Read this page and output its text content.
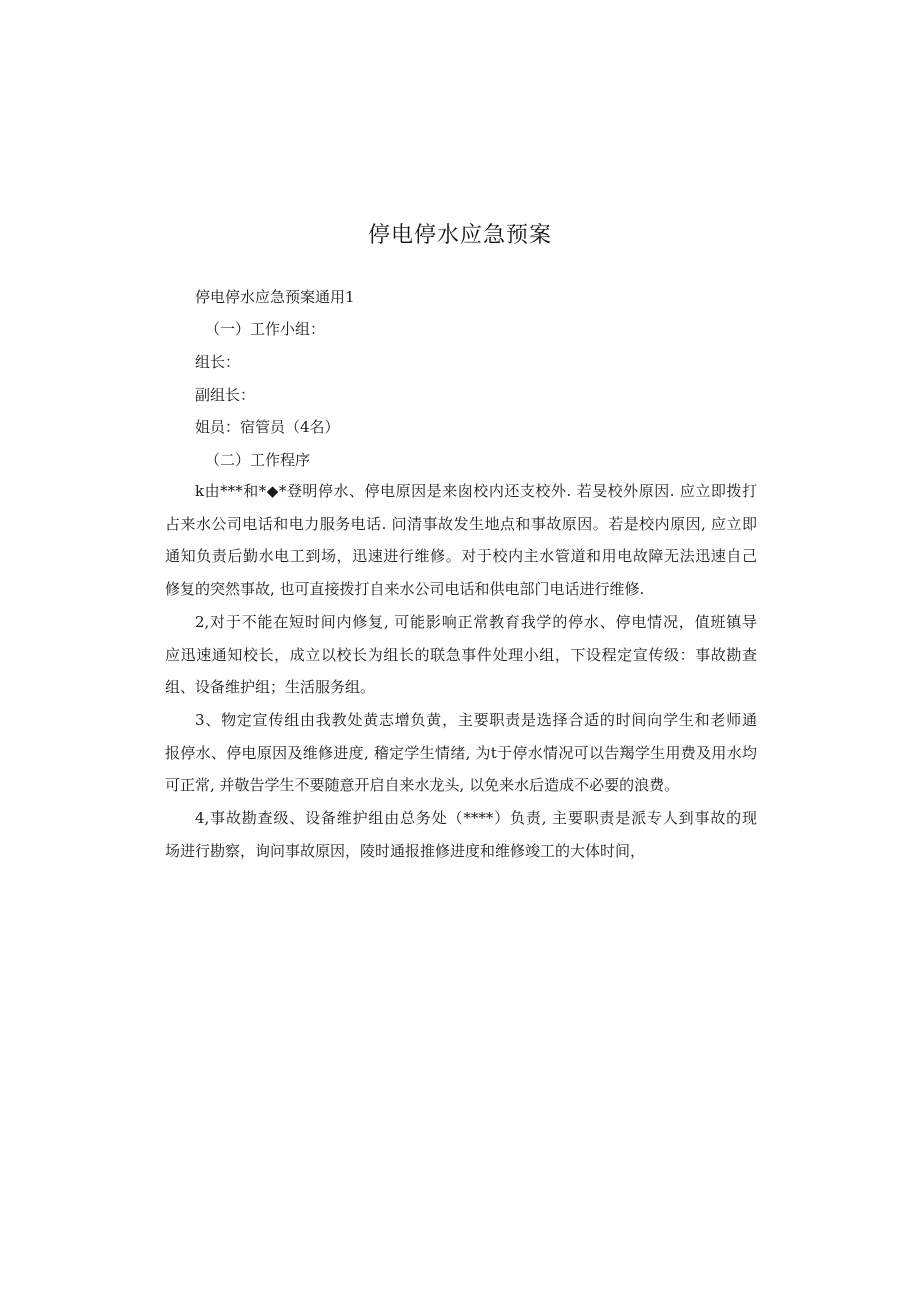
停电停水应急预案
停电停水应急预案通用1
（一）工作小组：
组长：
副组长：
姐员：宿管员（4名）
（二）工作程序
k由***和*◆*登明停水、停电原因是来囱校内还支校外. 若旻校外原因. 应立即拨打
占来水公司电话和电力服务电话. 问清事故发生地点和事故原因。若是校内原因, 应立即
通知负责后勤水电工到场，迅速进行维修。对于校内主水管道和用电故障无法迅速自己
修复的突然事故, 也可直接拨打自来水公司电话和供电部门电话进行维修.
2,对于不能在短时间内修复, 可能影响正常教育我学的停水、停电情况，值班镇导
应迅速通知校长，成立以校长为组长的联急事件处理小组，下设程定宣传级：事故勘查
组、设备维护组；生活服务组。
3、物定宣传组由我教处黄志增负黄，主要职责是选择合适的时间向学生和老师通
报停水、停电原因及维修进度, 稽定学生情绪, 为t于停水情况可以告羯学生用费及用水均
可正常, 并敬告学生不要随意开启自来水龙头, 以免来水后造成不必要的浪费。
4,事故勘查级、设备维护组由总务处（****）负责, 主要职责是派专人到事故的现
场进行勘察，询问事故原因，陵时通报推修进度和维修竣工的大体时间，
